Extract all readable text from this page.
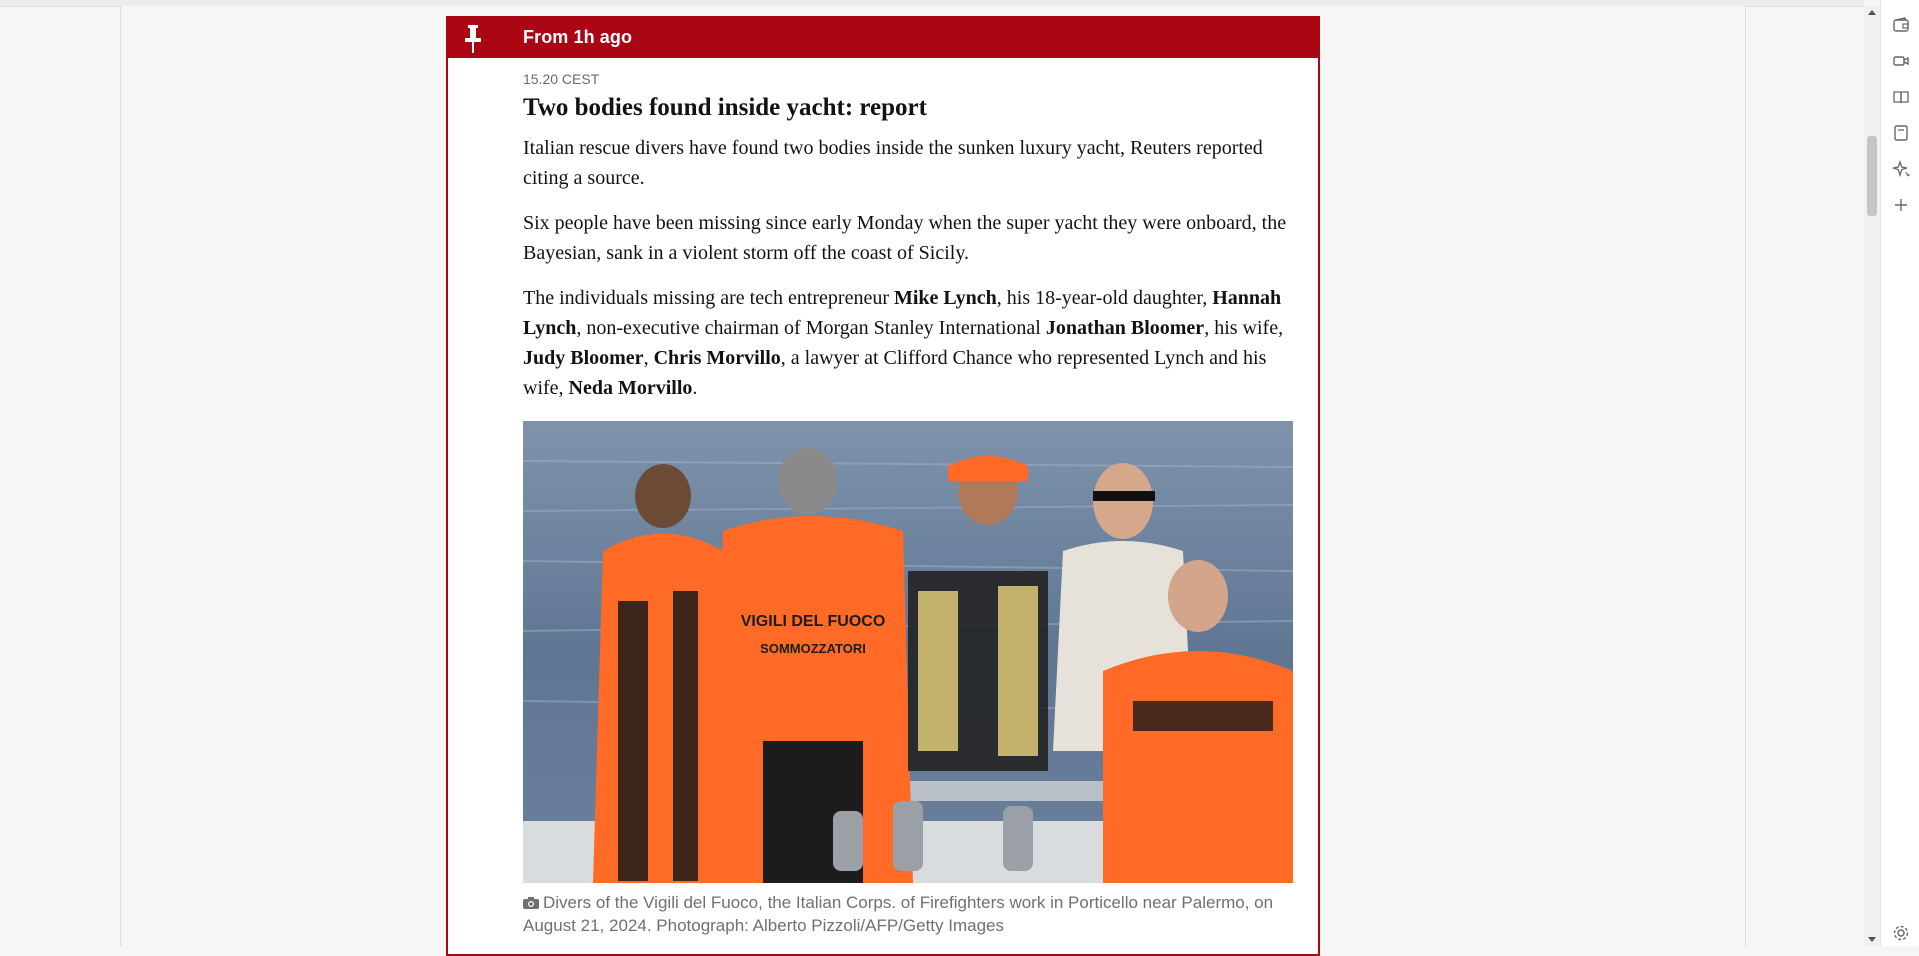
From 1h ago
15.20 CEST
Two bodies found inside yacht: report

Italian rescue divers have found two bodies inside the sunken luxury yacht, Reuters reported citing a source.

Six people have been missing since early Monday when the super yacht they were onboard, the Bayesian, sank in a violent storm off the coast of Sicily.

The individuals missing are tech entrepreneur Mike Lynch, his 18-year-old daughter, Hannah Lynch, non-executive chairman of Morgan Stanley International Jonathan Bloomer, his wife, Judy Bloomer, Chris Morvillo, a lawyer at Clifford Chance who represented Lynch and his wife, Neda Morvillo.

VIGILI DEL FUOCO
SOMMOZZATORI
Divers of the Vigili del Fuoco, the Italian Corps. of Firefighters work in Porticello near Palermo, on August 21, 2024. Photograph: Alberto Pizzoli/AFP/Getty Images
